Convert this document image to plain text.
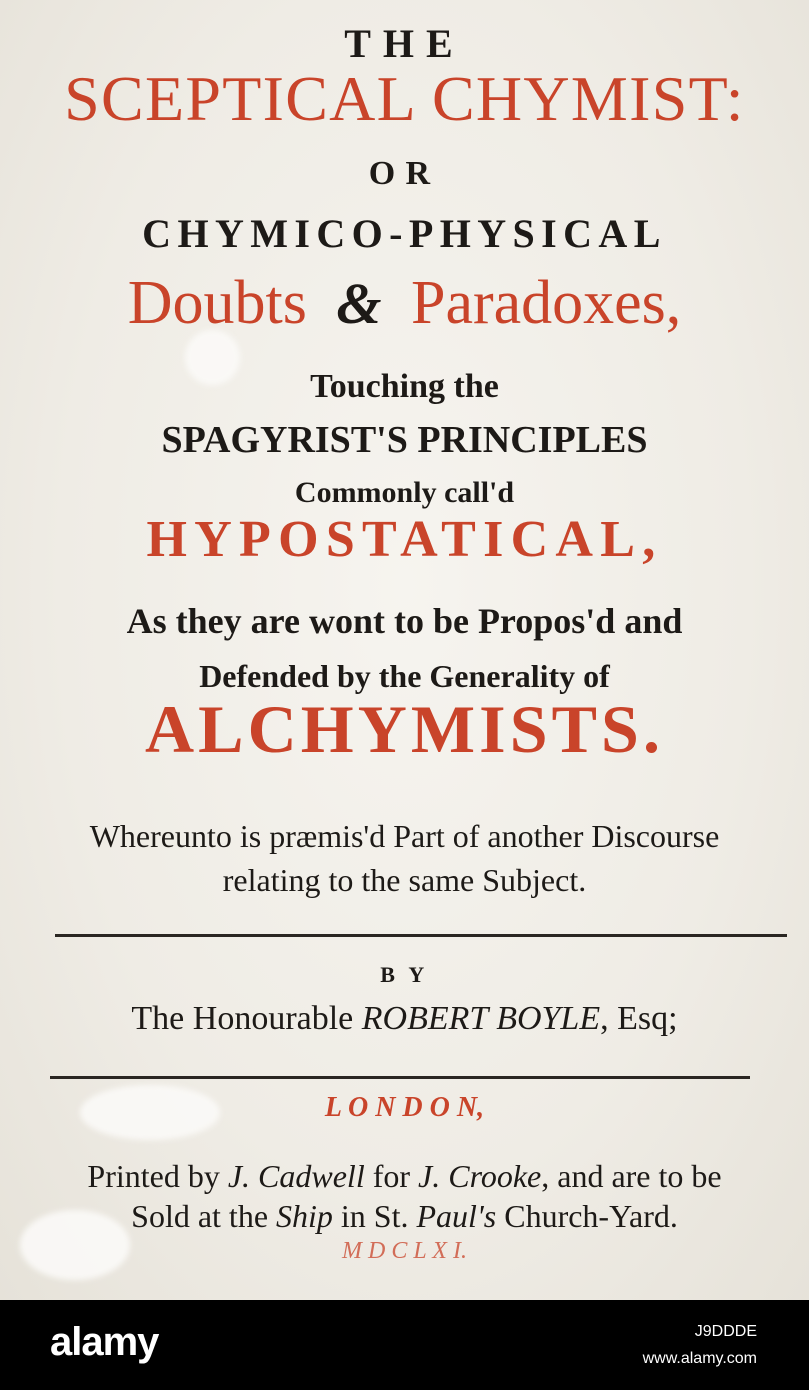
THE
SCEPTICAL CHYMIST:
OR
CHYMICO-PHYSICAL
Doubts & Paradoxes,
Touching the
SPAGYRIST'S PRINCIPLES
Commonly call'd
HYPOSTATICAL,
As they are wont to be Propos'd and
Defended by the Generality of
ALCHYMISTS.
Whereunto is præmis'd Part of another Discourse
relating to the same Subject.
B Y
The Honourable ROBERT BOYLE, Esq;
L O N D O N,
Printed by J. Cadwell for J. Crooke, and are to be
Sold at the Ship in St. Paul's Church-Yard.
M D C L X I.
alamy	J9DDDE
www.alamy.com
